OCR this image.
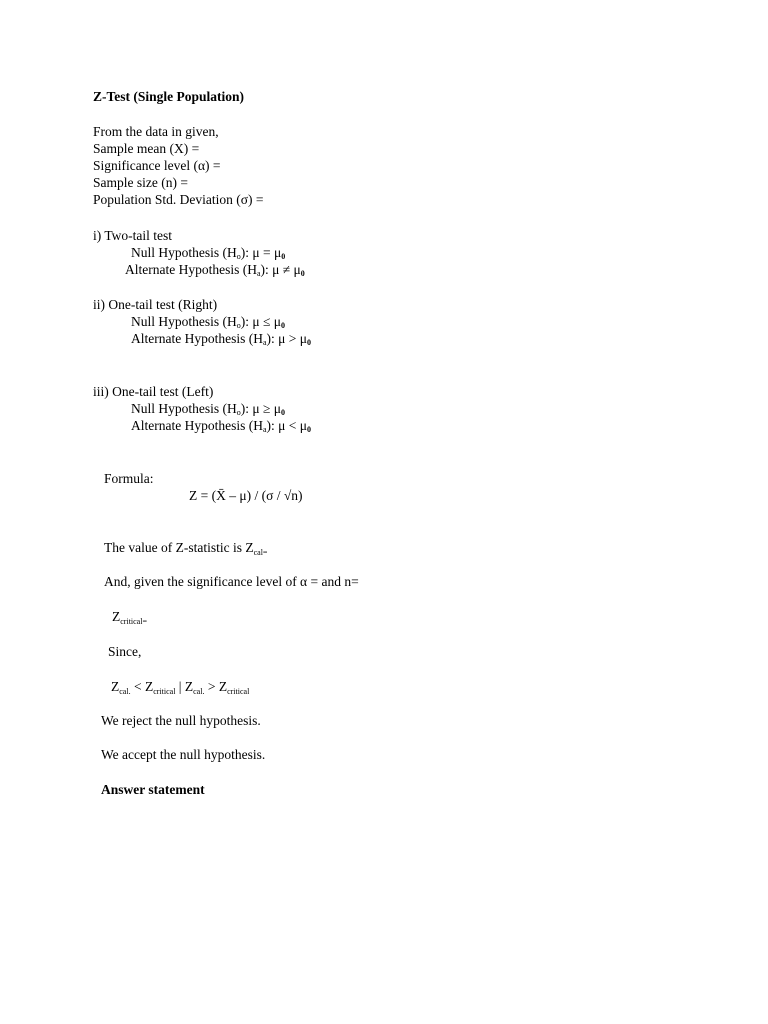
Z-Test (Single Population)
From the data in given,
Sample mean (X) =
Significance level (α) =
Sample size (n) =
Population Std. Deviation (σ) =
i) Two-tail test
Null Hypothesis $(H_o)$: $\mu = \mu_0$
Alternate Hypothesis $(H_a)$: $\mu \ne \mu_0$
ii) One-tail test (Right)
Null Hypothesis $(H_o)$: $\mu \le \mu_0$
Alternate Hypothesis $(H_a)$: $\mu > \mu_0$
iii) One-tail test (Left)
Null Hypothesis $(H_o)$: $\mu \ge \mu_0$
Alternate Hypothesis $(H_a)$: $\mu < \mu_0$
Formula:
Z = (X̄ – μ) / (σ / √n)
The value of Z-statistic is $Z_{cal=}$
And, given the significance level of α = and n=
$Z_{critical=}$
Since,
$Z_{cal.} < Z_{critical}$ | $Z_{cal.} > Z_{critical}$
We reject the null hypothesis.
We accept the null hypothesis.
Answer statement
